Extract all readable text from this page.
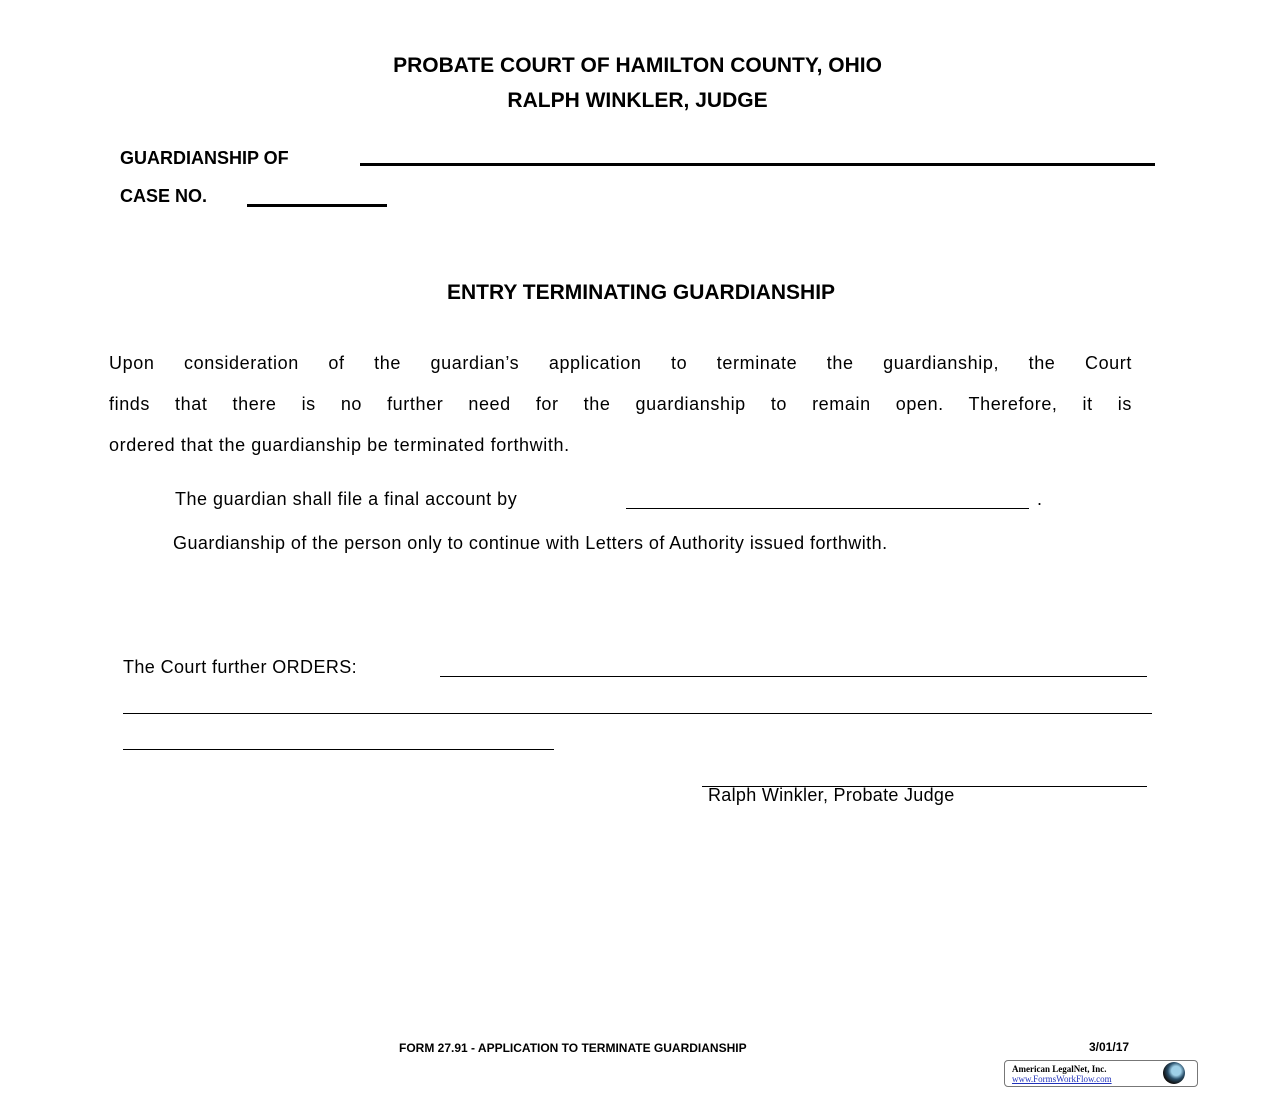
PROBATE COURT OF HAMILTON COUNTY, OHIO
RALPH WINKLER, JUDGE
GUARDIANSHIP OF
CASE NO.
ENTRY TERMINATING GUARDIANSHIP
Upon consideration of the guardian’s application to terminate the guardianship, the Court
finds that there is no further need for the guardianship to remain open. Therefore, it is
ordered that the guardianship be terminated forthwith.
The guardian shall file a final account by	.
Guardianship of the person only to continue with Letters of Authority issued forthwith.
The Court further ORDERS:
Ralph Winkler, Probate Judge
FORM 27.91 - APPLICATION TO TERMINATE GUARDIANSHIP	3/01/17
American LegalNet, Inc.
www.FormsWorkFlow.com
